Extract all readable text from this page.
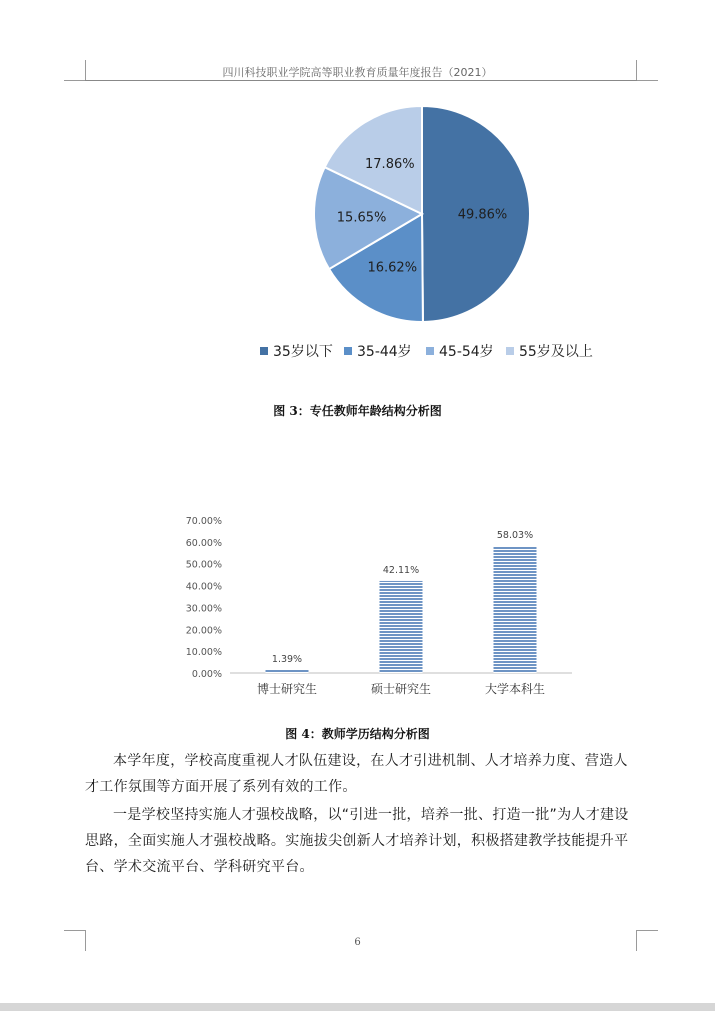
四川科技职业学院高等职业教育质量年度报告（2021）
49.86%
16.62%
15.65%
17.86%
35岁以下 35-44岁 45-54岁 55岁及以上
图 3：专任教师年龄结构分析图
0.00%
10.00%
20.00%
30.00%
40.00%
50.00%
60.00%
70.00%
1.39%
博士研究生
42.11%
硕士研究生
58.03%
大学本科生
图 4：教师学历结构分析图

本学年度，学校高度重视人才队伍建设，在人才引进机制、人才培养力度、营造人才工作氛围等方面开展了系列有效的工作。

一是学校坚持实施人才强校战略，以“引进一批，培养一批、打造一批”为人才建设思路，全面实施人才强校战略。实施拔尖创新人才培养计划，积极搭建教学技能提升平台、学术交流平台、学科研究平台。

6
